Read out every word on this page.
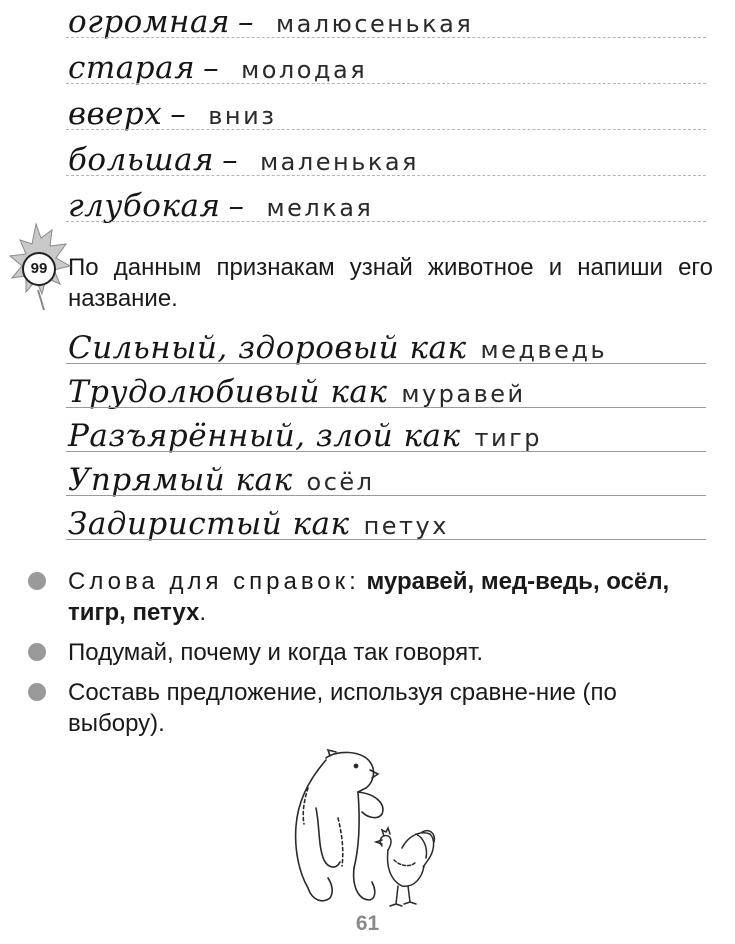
огромная – малюсенькая
старая – молодая
вверх – вниз
большая – маленькая
глубокая – мелкая
99 По данным признакам узнай животное и напиши его название.
Сильный, здоровый как медведь
Трудолюбивый как муравей
Разъярённый, злой как тигр
Упрямый как осёл
Задиристый как петух
Слова для справок: муравей, мед-ведь, осёл, тигр, петух.
Подумай, почему и когда так говорят.
Составь предложение, используя сравне-ние (по выбору).
61
